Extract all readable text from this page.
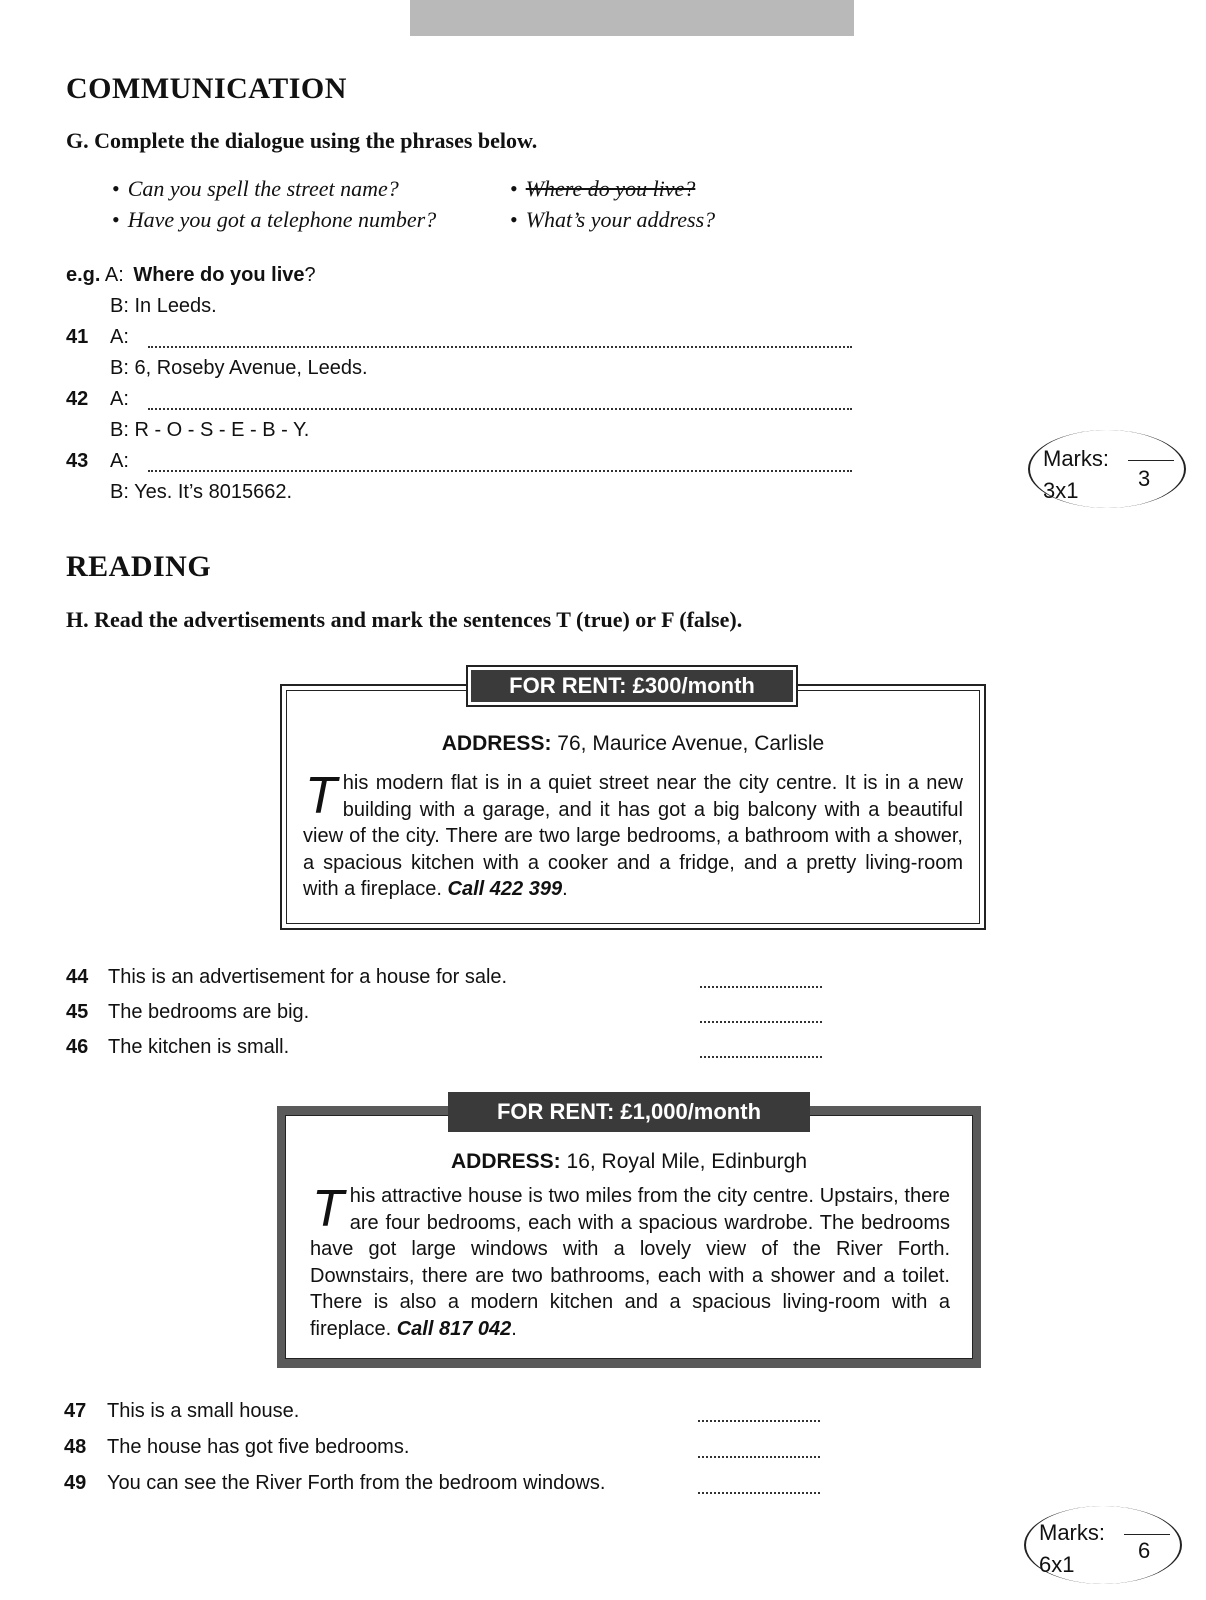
COMMUNICATION
G. Complete the dialogue using the phrases below.
• Can you spell the street name?
• Have you got a telephone number?
• Where do you live?
• What’s your address?
e.g. A: Where do you live?
B: In Leeds.
41 A:
B: 6, Roseby Avenue, Leeds.
42 A:
B: R - O - S - E - B - Y.
43 A:
B: Yes. It’s 8015662.
Marks:
3x1	3
READING
H. Read the advertisements and mark the sentences T (true) or F (false).
FOR RENT: £300/month
ADDRESS: 76, Maurice Avenue, Carlisle
This modern flat is in a quiet street near the city centre. It is in a new building with a garage, and it has got a big balcony with a beautiful view of the city. There are two large bedrooms, a bathroom with a shower, a spacious kitchen with a cooker and a fridge, and a pretty living-room with a fireplace. Call 422 399.
44 This is an advertisement for a house for sale.
45 The bedrooms are big.
46 The kitchen is small.
FOR RENT: £1,000/month
ADDRESS: 16, Royal Mile, Edinburgh
This attractive house is two miles from the city centre. Upstairs, there are four bedrooms, each with a spacious wardrobe. The bedrooms have got large windows with a lovely view of the River Forth. Downstairs, there are two bathrooms, each with a shower and a toilet. There is also a modern kitchen and a spacious living-room with a fireplace. Call 817 042.
47 This is a small house.
48 The house has got five bedrooms.
49 You can see the River Forth from the bedroom windows.
Marks:
6x1
6
